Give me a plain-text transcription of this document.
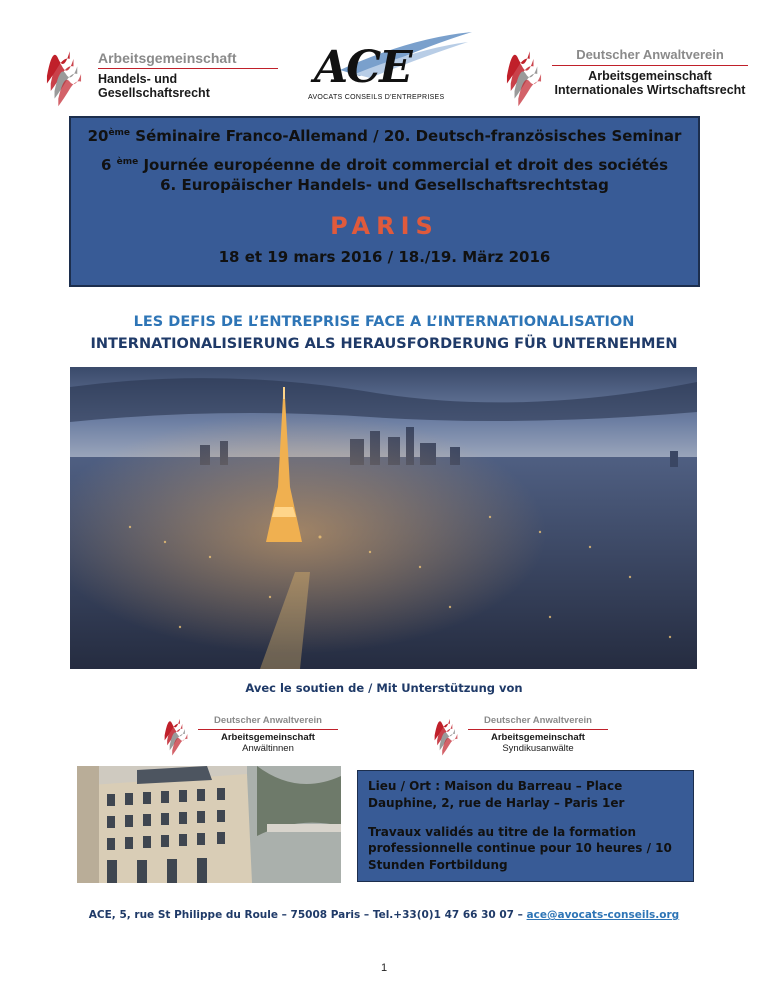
Arbeitsgemeinschaft
Handels- und Gesellschaftsrecht
ACE
AVOCATS CONSEILS D'ENTREPRISES
Deutscher Anwaltverein
Arbeitsgemeinschaft
Internationales Wirtschaftsrecht
20ème Séminaire Franco-Allemand / 20. Deutsch-französisches Seminar
6 $^{ème}$ Journée européenne de droit commercial et droit des sociétés
6. Europäischer Handels- und Gesellschaftsrechtstag
PARIS
18 et 19 mars 2016 / 18./19. März 2016
LES DEFIS DE L’ENTREPRISE FACE A L’INTERNATIONALISATION
INTERNATIONALISIERUNG ALS HERAUSFORDERUNG FÜR UNTERNEHMEN
Avec le soutien de / Mit Unterstützung von
Deutscher Anwaltverein
Arbeitsgemeinschaft
Anwältinnen
Deutscher Anwaltverein
Arbeitsgemeinschaft
Syndikusanwälte

Lieu / Ort : Maison du Barreau – Place Dauphine, 2, rue de Harlay – Paris 1er

Travaux validés au titre de la formation professionnelle continue pour 10 heures / 10 Stunden Fortbildung

ACE, 5, rue St Philippe du Roule – 75008 Paris – Tel.+33(0)1 47 66 30 07 – ace@avocats-conseils.org
1
